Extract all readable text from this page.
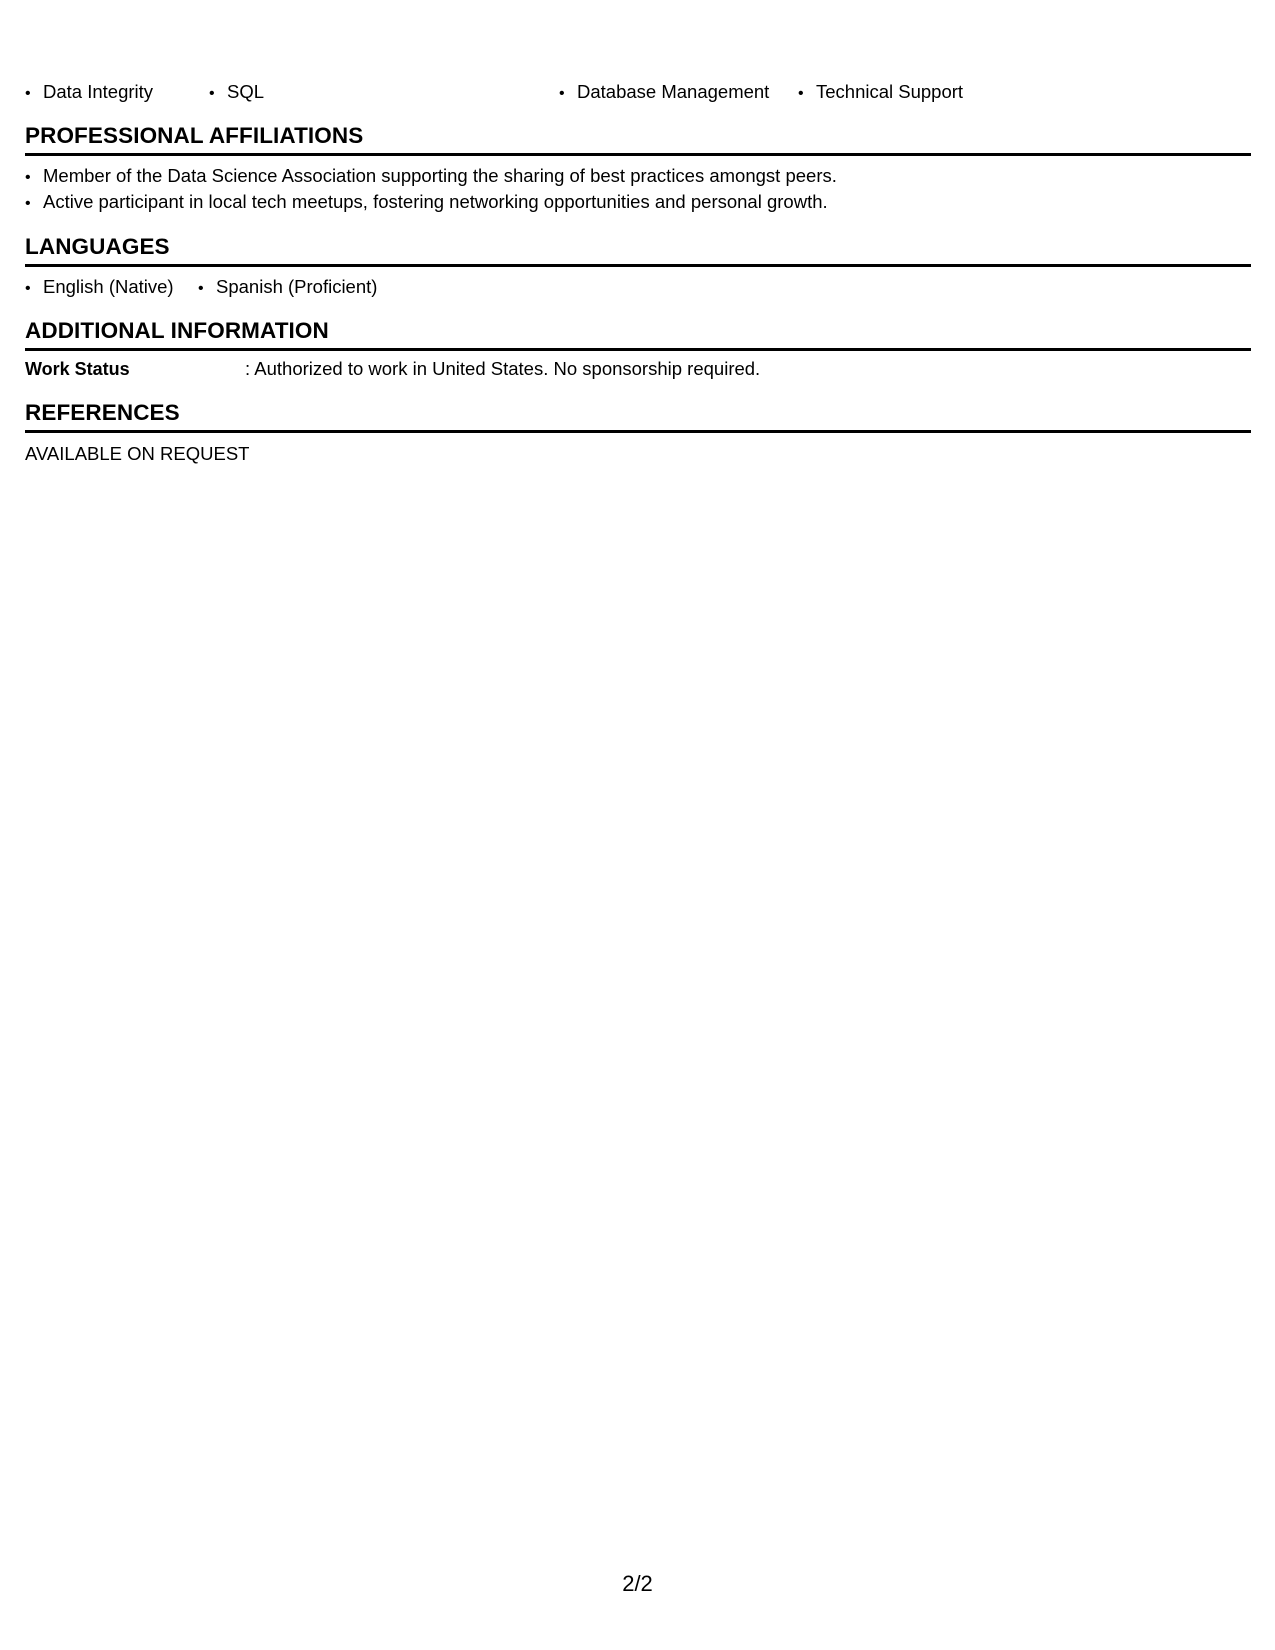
• Data Integrity	• SQL	• Database Management • Technical Support
PROFESSIONAL AFFILIATIONS
• Member of the Data Science Association supporting the sharing of best practices amongst peers.
• Active participant in local tech meetups, fostering networking opportunities and personal growth.
LANGUAGES
• English (Native) • Spanish (Proficient)
ADDITIONAL INFORMATION
Work Status	: Authorized to work in United States. No sponsorship required.
REFERENCES
AVAILABLE ON REQUEST
2/2
